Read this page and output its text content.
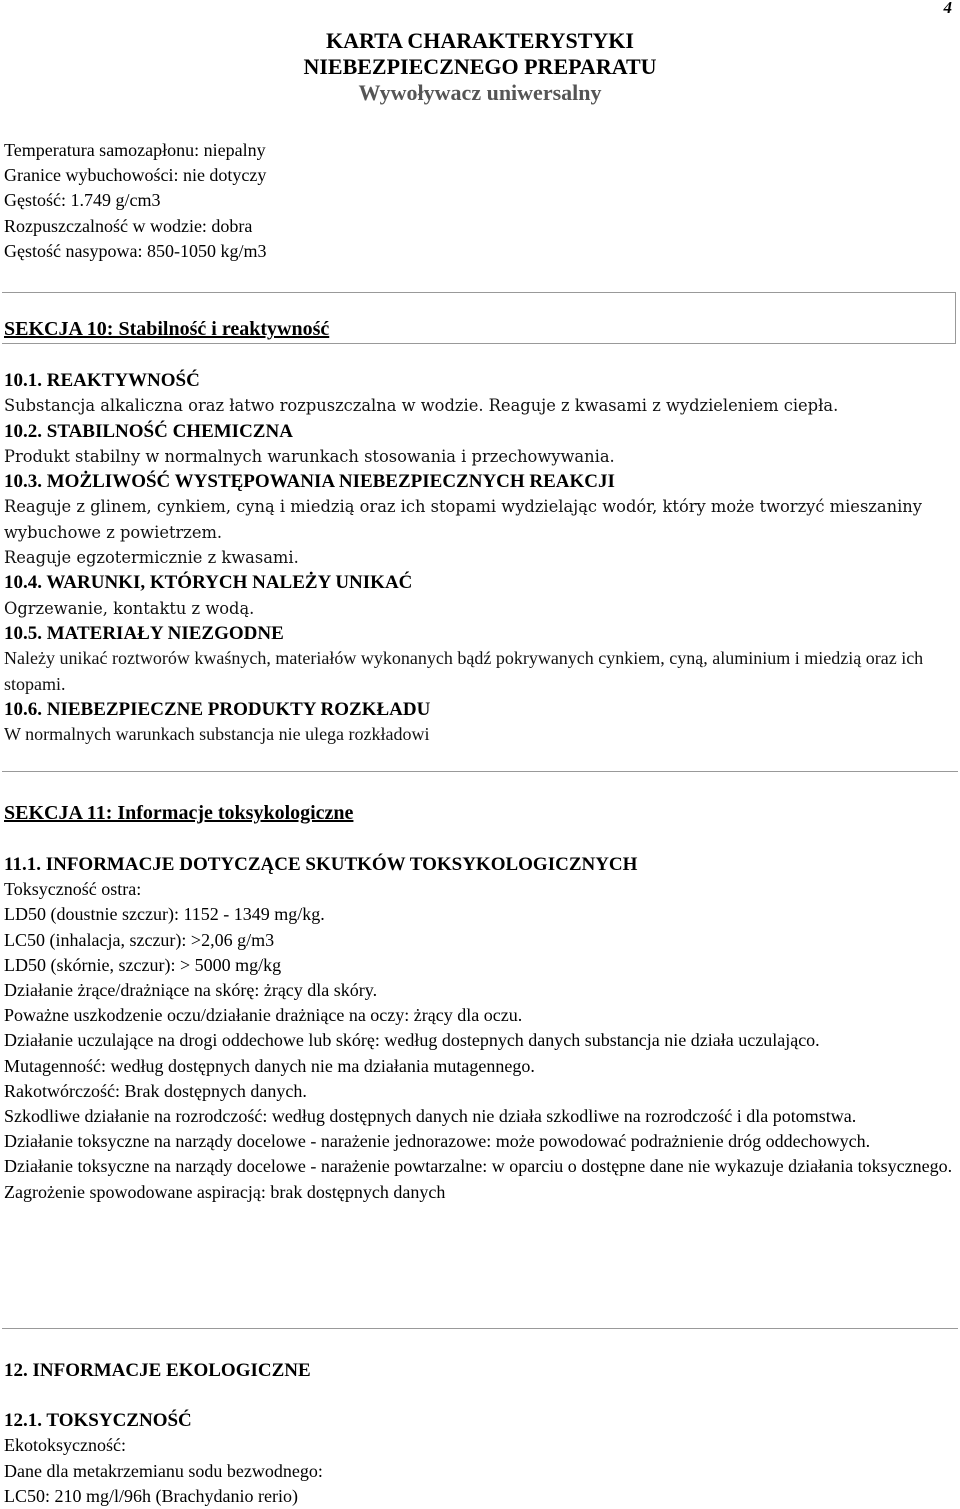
4
KARTA CHARAKTERYSTYKI
NIEBEZPIECZNEGO PREPARATU
Wywoływacz uniwersalny
Temperatura samozapłonu: niepalny
Granice wybuchowości: nie dotyczy
Gęstość: 1.749 g/cm3
Rozpuszczalność w wodzie: dobra
Gęstość nasypowa: 850-1050 kg/m3
SEKCJA 10: Stabilność i reaktywność
10.1. REAKTYWNOŚĆ
Substancja alkaliczna oraz łatwo rozpuszczalna w wodzie. Reaguje z kwasami z wydzieleniem ciepła.
10.2. STABILNOŚĆ CHEMICZNA
Produkt stabilny w normalnych warunkach stosowania i przechowywania.
10.3. MOŻLIWOŚĆ WYSTĘPOWANIA NIEBEZPIECZNYCH REAKCJI
Reaguje z glinem, cynkiem, cyną i miedzią oraz ich stopami wydzielając wodór, który może tworzyć mieszaniny wybuchowe z powietrzem.
Reaguje egzotermicznie z kwasami.
10.4. WARUNKI, KTÓRYCH NALEŻY UNIKAĆ
Ogrzewanie, kontaktu z wodą.
10.5. MATERIAŁY NIEZGODNE
Należy unikać roztworów kwaśnych, materiałów wykonanych bądź pokrywanych cynkiem, cyną, aluminium i miedzią oraz ich stopami.
10.6. NIEBEZPIECZNE PRODUKTY ROZKŁADU
W normalnych warunkach substancja nie ulega rozkładowi
SEKCJA 11: Informacje toksykologiczne
11.1. INFORMACJE DOTYCZĄCE SKUTKÓW TOKSYKOLOGICZNYCH
Toksyczność ostra:
LD50 (doustnie szczur): 1152 - 1349 mg/kg.
LC50 (inhalacja, szczur): >2,06 g/m3
LD50 (skórnie, szczur): > 5000 mg/kg
Działanie żrące/drażniące na skórę: żrący dla skóry.
Poważne uszkodzenie oczu/działanie drażniące na oczy: żrący dla oczu.
Działanie uczulające na drogi oddechowe lub skórę: według dostepnych danych substancja nie działa uczulająco.
Mutagenność: według dostępnych danych nie ma działania mutagennego.
Rakotwórczość: Brak dostępnych danych.
Szkodliwe działanie na rozrodczość: według dostępnych danych nie działa szkodliwe na rozrodczość i dla potomstwa.
Działanie toksyczne na narządy docelowe - narażenie jednorazowe: może powodować podrażnienie dróg oddechowych.
Działanie toksyczne na narządy docelowe - narażenie powtarzalne: w oparciu o dostępne dane nie wykazuje działania toksycznego.
Zagrożenie spowodowane aspiracją: brak dostępnych danych
12. INFORMACJE EKOLOGICZNE
12.1. TOKSYCZNOŚĆ
Ekotoksyczność:
Dane dla metakrzemianu sodu bezwodnego:
LC50: 210 mg/l/96h (Brachydanio rerio)
